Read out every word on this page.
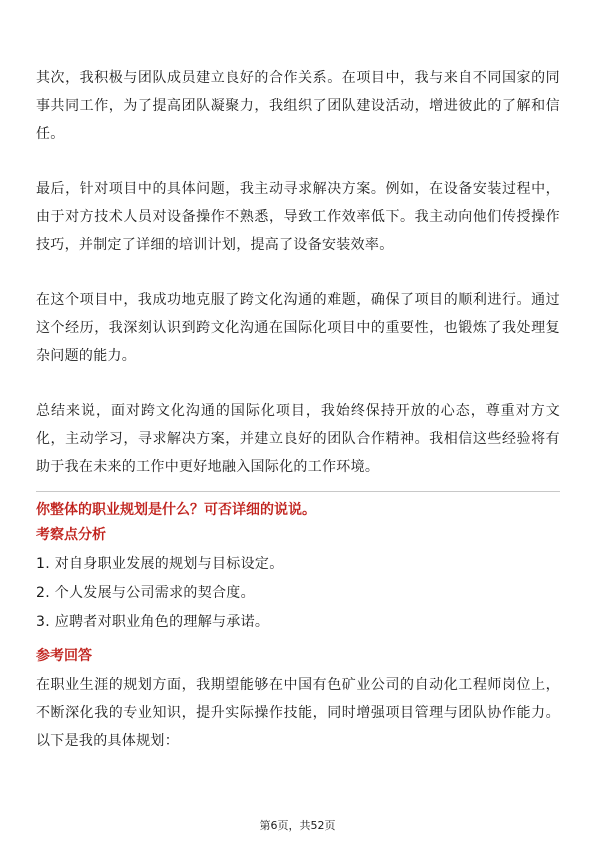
其次，我积极与团队成员建立良好的合作关系。在项目中，我与来自不同国家的同事共同工作，为了提高团队凝聚力，我组织了团队建设活动，增进彼此的了解和信任。

最后，针对项目中的具体问题，我主动寻求解决方案。例如，在设备安装过程中，由于对方技术人员对设备操作不熟悉，导致工作效率低下。我主动向他们传授操作技巧，并制定了详细的培训计划，提高了设备安装效率。

在这个项目中，我成功地克服了跨文化沟通的难题，确保了项目的顺利进行。通过这个经历，我深刻认识到跨文化沟通在国际化项目中的重要性，也锻炼了我处理复杂问题的能力。

总结来说，面对跨文化沟通的国际化项目，我始终保持开放的心态，尊重对方文化，主动学习，寻求解决方案，并建立良好的团队合作精神。我相信这些经验将有助于我在未来的工作中更好地融入国际化的工作环境。

你整体的职业规划是什么？可否详细的说说。

考察点分析

1. 对自身职业发展的规划与目标设定。
2. 个人发展与公司需求的契合度。
3. 应聘者对职业角色的理解与承诺。

参考回答

在职业生涯的规划方面，我期望能够在中国有色矿业公司的自动化工程师岗位上，不断深化我的专业知识，提升实际操作技能，同时增强项目管理与团队协作能力。以下是我的具体规划：

第6页，共52页
